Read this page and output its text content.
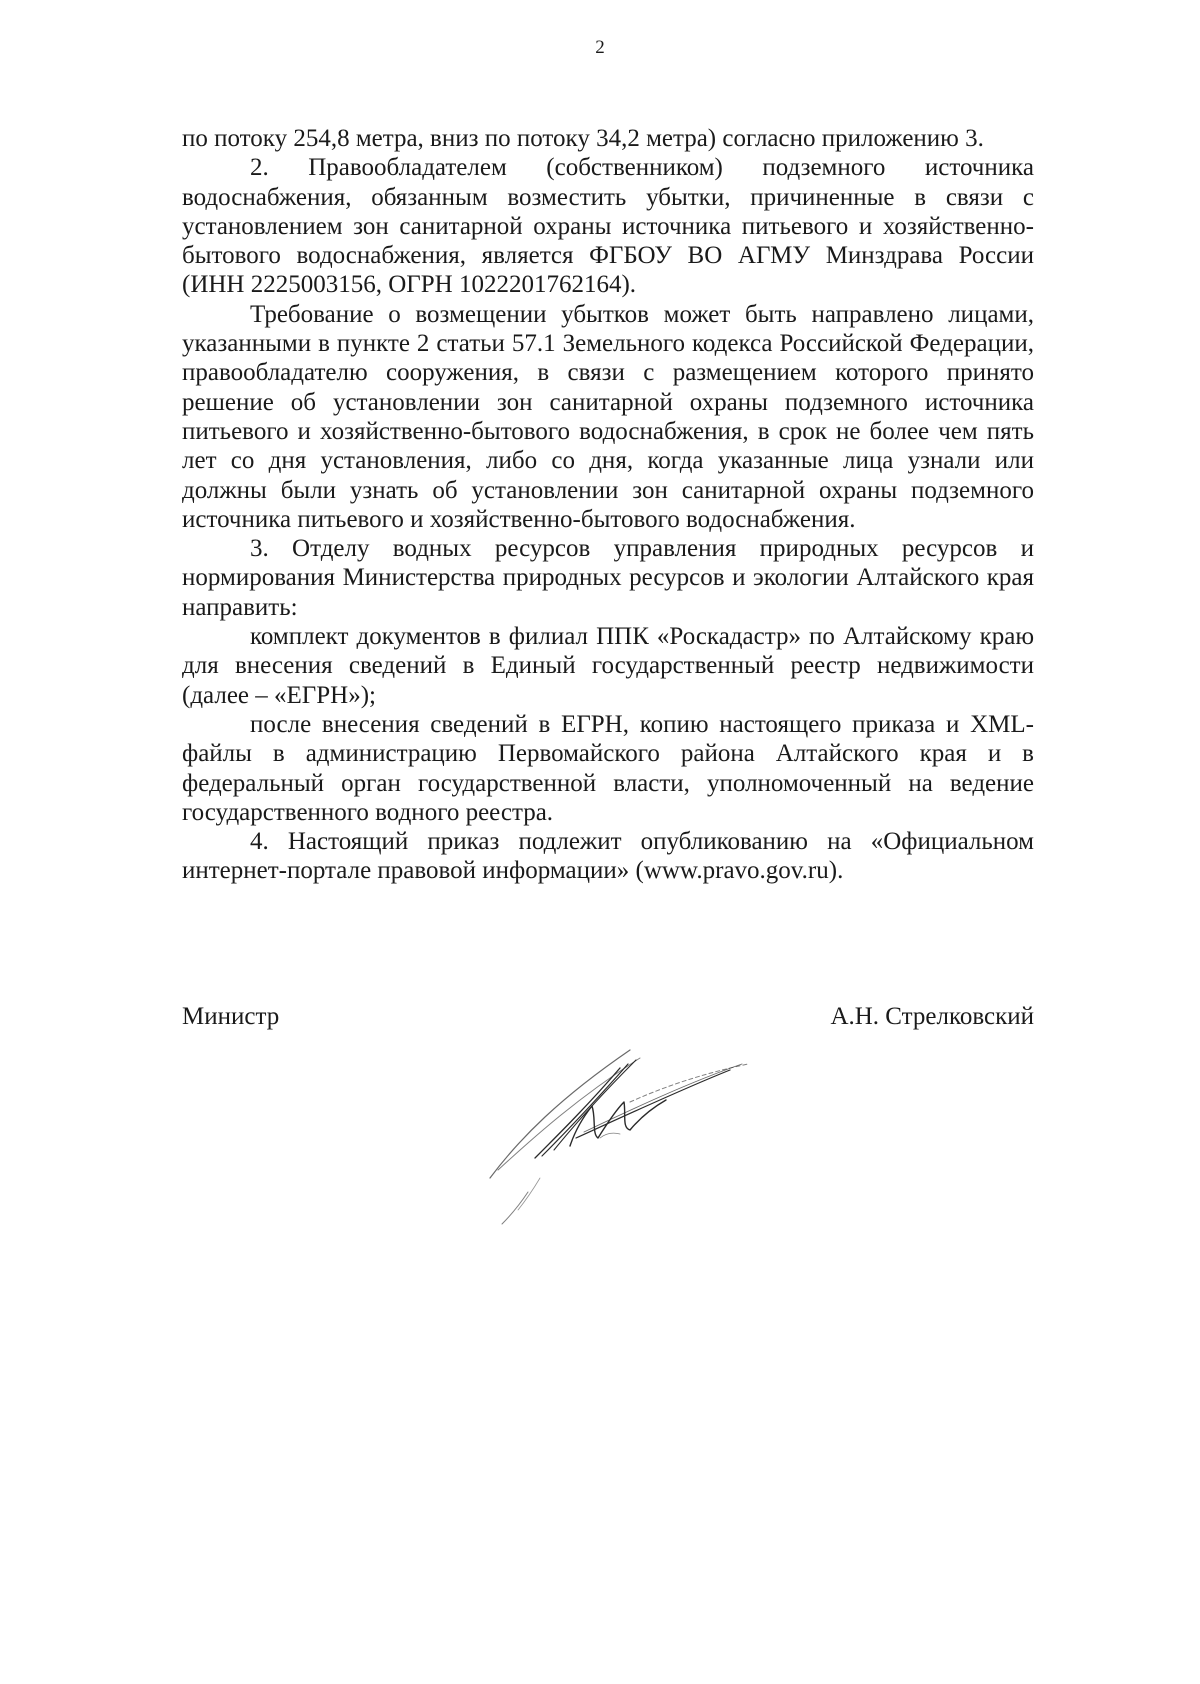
2

по потоку 254,8 метра, вниз по потоку 34,2 метра) согласно приложению 3.

2. Правообладателем (собственником) подземного источника водоснабжения, обязанным возместить убытки, причиненные в связи с установлением зон санитарной охраны источника питьевого и хозяйственно-бытового водоснабжения, является ФГБОУ ВО АГМУ Минздрава России (ИНН 2225003156, ОГРН 1022201762164).

Требование о возмещении убытков может быть направлено лицами, указанными в пункте 2 статьи 57.1 Земельного кодекса Российской Федерации, правообладателю сооружения, в связи с размещением которого принято решение об установлении зон санитарной охраны подземного источника питьевого и хозяйственно-бытового водоснабжения, в срок не более чем пять лет со дня установления, либо со дня, когда указанные лица узнали или должны были узнать об установлении зон санитарной охраны подземного источника питьевого и хозяйственно-бытового водоснабжения.

3. Отделу водных ресурсов управления природных ресурсов и нормирования Министерства природных ресурсов и экологии Алтайского края направить:

комплект документов в филиал ППК «Роскадастр» по Алтайскому краю для внесения сведений в Единый государственный реестр недвижимости (далее – «ЕГРН»);

после внесения сведений в ЕГРН, копию настоящего приказа и XML-файлы в администрацию Первомайского района Алтайского края и в федеральный орган государственной власти, уполномоченный на ведение государственного водного реестра.

4. Настоящий приказ подлежит опубликованию на «Официальном интернет-портале правовой информации» (www.pravo.gov.ru).

Министр	А.Н. Стрелковский
